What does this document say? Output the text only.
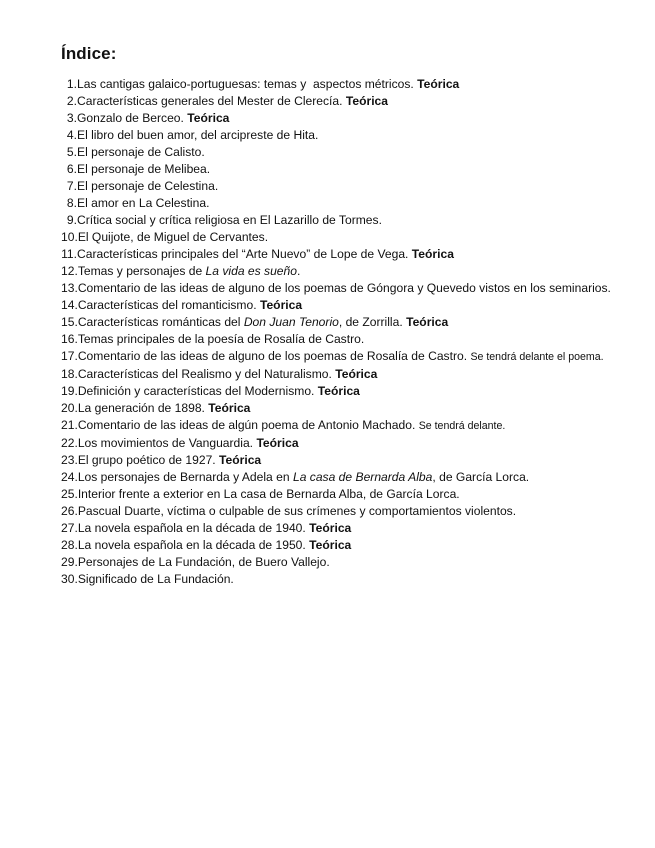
Índice:
1. Las cantigas galaico-portuguesas: temas y  aspectos métricos. Teórica
2. Características generales del Mester de Clerecía. Teórica
3. Gonzalo de Berceo. Teórica
4. El libro del buen amor, del arcipreste de Hita.
5. El personaje de Calisto.
6. El personaje de Melibea.
7. El personaje de Celestina.
8. El amor en La Celestina.
9. Crítica social y crítica religiosa en El Lazarillo de Tormes.
10. El Quijote, de Miguel de Cervantes.
11. Características principales del “Arte Nuevo” de Lope de Vega. Teórica
12. Temas y personajes de La vida es sueño.
13. Comentario de las ideas de alguno de los poemas de Góngora y Quevedo vistos en los seminarios.
14. Características del romanticismo. Teórica
15. Características románticas del Don Juan Tenorio, de Zorrilla. Teórica
16. Temas principales de la poesía de Rosalía de Castro.
17. Comentario de las ideas de alguno de los poemas de Rosalía de Castro. Se tendrá delante el poema.
18. Características del Realismo y del Naturalismo. Teórica
19. Definición y características del Modernismo. Teórica
20. La generación de 1898. Teórica
21. Comentario de las ideas de algún poema de Antonio Machado. Se tendrá delante.
22. Los movimientos de Vanguardia. Teórica
23. El grupo poético de 1927. Teórica
24. Los personajes de Bernarda y Adela en La casa de Bernarda Alba, de García Lorca.
25. Interior frente a exterior en La casa de Bernarda Alba, de García Lorca.
26. Pascual Duarte, víctima o culpable de sus crímenes y comportamientos violentos.
27. La novela española en la década de 1940. Teórica
28. La novela española en la década de 1950. Teórica
29. Personajes de La Fundación, de Buero Vallejo.
30. Significado de La Fundación.
